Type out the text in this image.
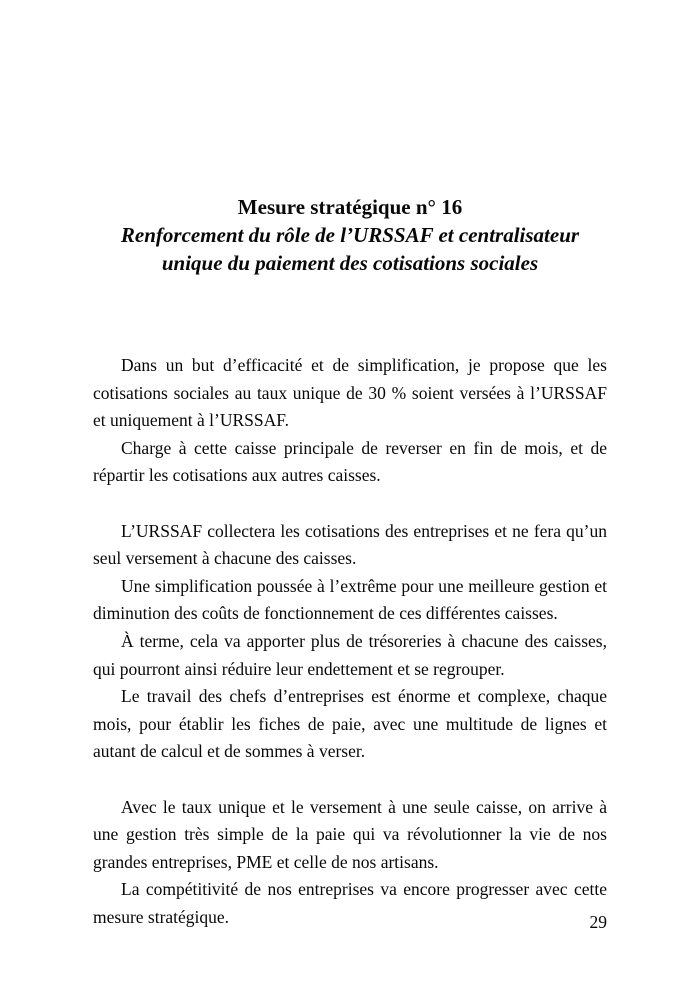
Mesure stratégique n° 16
Renforcement du rôle de l’URSSAF et centralisateur
unique du paiement des cotisations sociales

Dans un but d’efficacité et de simplification, je propose que les cotisations sociales au taux unique de 30 % soient versées à l’URSSAF et uniquement à l’URSSAF.

Charge à cette caisse principale de reverser en fin de mois, et de répartir les cotisations aux autres caisses.

L’URSSAF collectera les cotisations des entreprises et ne fera qu’un seul versement à chacune des caisses.

Une simplification poussée à l’extrême pour une meilleure gestion et diminution des coûts de fonctionnement de ces différentes caisses.

À terme, cela va apporter plus de trésoreries à chacune des caisses, qui pourront ainsi réduire leur endettement et se regrouper.

Le travail des chefs d’entreprises est énorme et complexe, chaque mois, pour établir les fiches de paie, avec une multitude de lignes et autant de calcul et de sommes à verser.

Avec le taux unique et le versement à une seule caisse, on arrive à une gestion très simple de la paie qui va révolutionner la vie de nos grandes entreprises, PME et celle de nos artisans.

La compétitivité de nos entreprises va encore progresser avec cette mesure stratégique.	29
